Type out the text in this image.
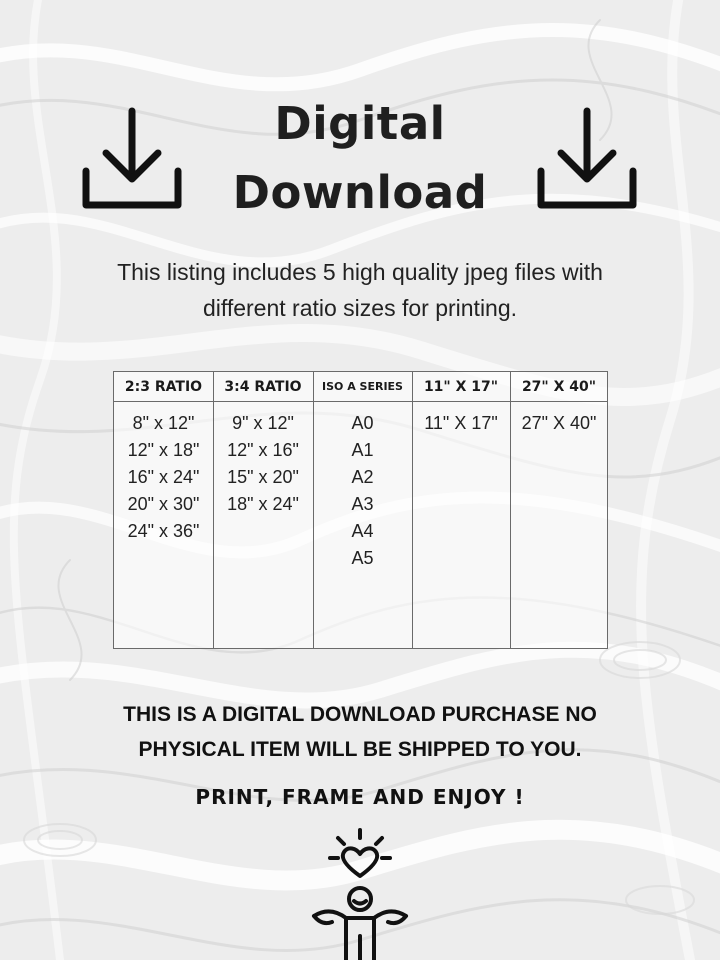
Digital
Download
This listing includes 5 high quality jpeg files with
different ratio sizes for printing.
2:3 RATIO
8" x 12"
12" x 18"
16" x 24"
20" x 30"
24" x 36"
3:4 RATIO
9" x 12"
12" x 16"
15" x 20"
18" x 24"
ISO A SERIES
A0
A1
A2
A3
A4
A5
11" X 17"
11" X 17"
27" X 40"
27" X 40"
THIS IS A DIGITAL DOWNLOAD PURCHASE NO
PHYSICAL ITEM WILL BE SHIPPED TO YOU.
PRINT, FRAME AND ENJOY !
